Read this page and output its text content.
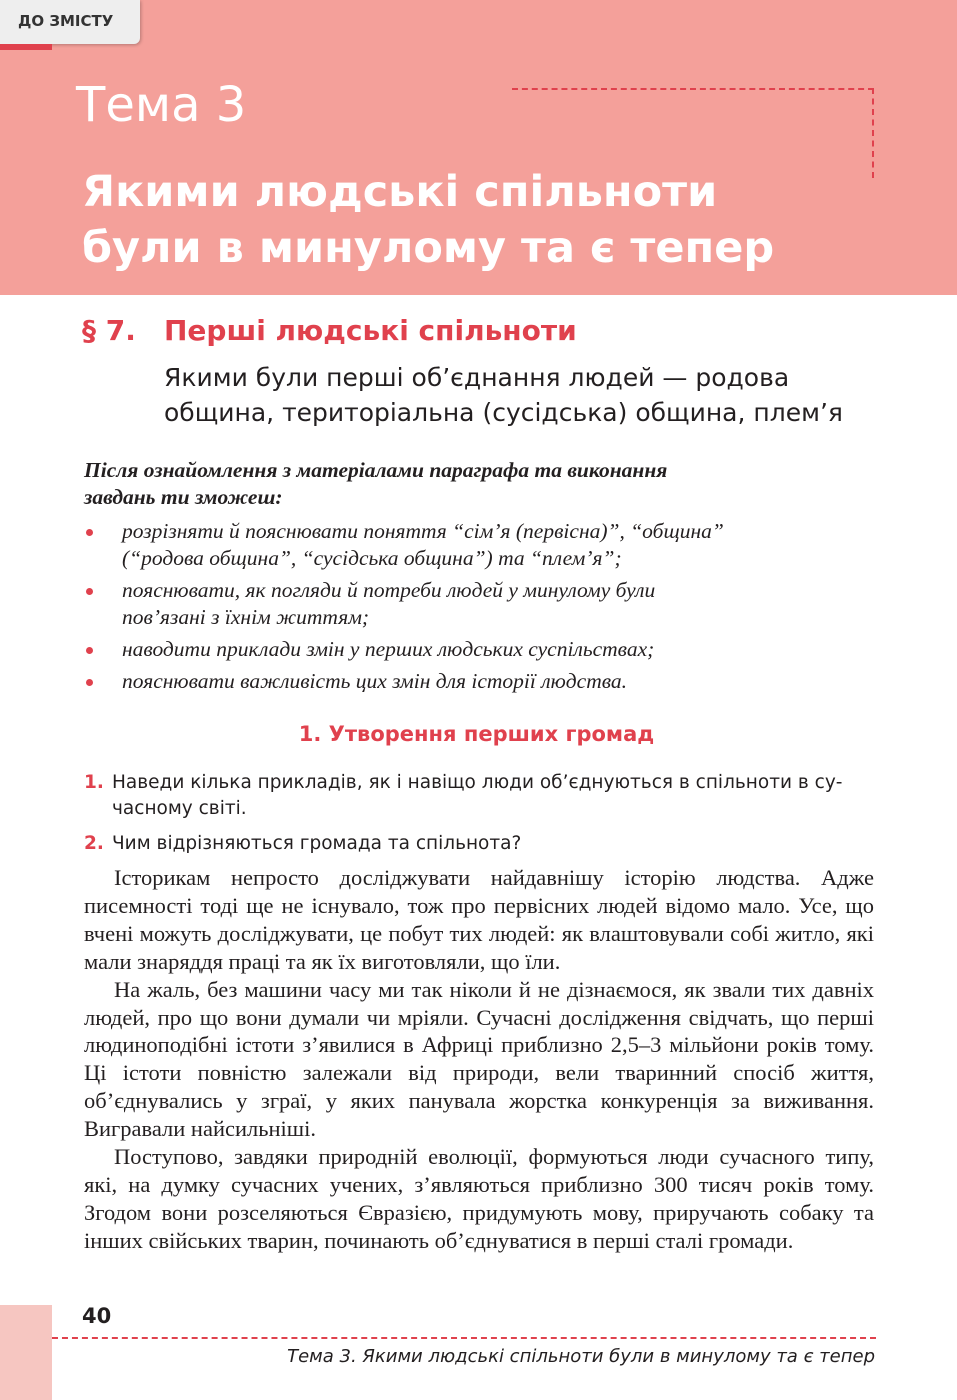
Тема 3
Якими людські спільноти
були в минулому та є тепер
ДО ЗМІСТУ
§ 7. Перші людські спільноти
Якими були перші об’єднання людей — родова
община, територіальна (сусідська) община, плем’я
Після ознайомлення з матеріалами параграфа та виконання
завдань ти зможеш:
розрізняти й пояснювати поняття “сім’я (первісна)”, “община”
(“родова община”, “сусідська община”) та “плем’я”;
пояснювати, як погляди й потреби людей у минулому були
пов’язані з їхнім життям;
наводити приклади змін у перших людських суспільствах;
пояснювати важливість цих змін для історії людства.
1. Утворення перших громад
1. Наведи кілька прикладів, як і навіщо люди об’єднуються в спільноти в су-
часному світі.
2. Чим відрізняються громада та спільнота?

Історикам непросто досліджувати найдавнішу історію людства. Адже писемності тоді ще не існувало, тож про первісних людей відомо мало. Усе, що вчені можуть досліджувати, це побут тих людей: як влаштовували собі житло, які мали знаряддя праці та як їх виготовляли, що їли.

На жаль, без машини часу ми так ніколи й не дізнаємося, як звали тих давніх людей, про що вони думали чи мріяли. Сучасні дослідження свідчать, що перші людиноподібні істоти з’явилися в Африці приблизно 2,5–3 мільйони років тому. Ці істоти повністю залежали від природи, вели тваринний спосіб життя, об’єднувались у зграї, у яких панувала жорстка конкуренція за виживання. Вигравали найсильніші.

Поступово, завдяки природній еволюції, формуються люди сучасного типу, які, на думку сучасних учених, з’являються приблизно 300 тисяч років тому. Згодом вони розселяються Євразією, придумують мову, приручають собаку та інших свійських тварин, починають об’єднуватися в перші сталі громади.

40
Тема 3. Якими людські спільноти були в минулому та є тепер
